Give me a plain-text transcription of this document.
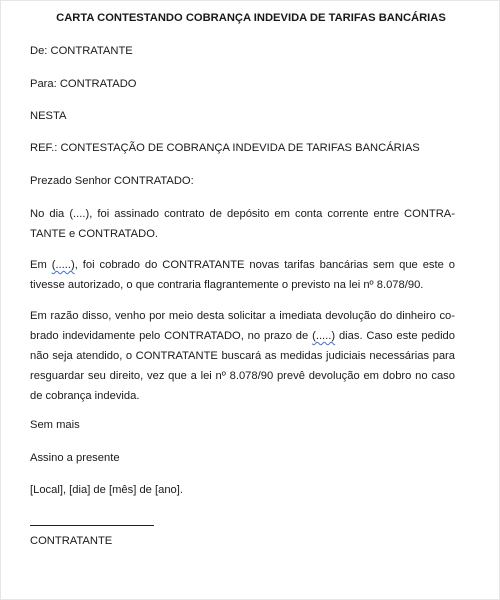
CARTA CONTESTANDO COBRANÇA INDEVIDA DE TARIFAS BANCÁRIAS
De: CONTRATANTE
Para: CONTRATADO
NESTA
REF.: CONTESTAÇÃO DE COBRANÇA INDEVIDA DE TARIFAS BANCÁRIAS
Prezado Senhor CONTRATADO:
No dia (....), foi assinado contrato de depósito em conta corrente entre CONTRA-
TANTE e CONTRATADO.
Em (.....), foi cobrado do CONTRATANTE novas tarifas bancárias sem que este o
tivesse autorizado, o que contraria flagrantemente o previsto na lei nº 8.078/90.
Em razão disso, venho por meio desta solicitar a imediata devolução do dinheiro co-
brado indevidamente pelo CONTRATADO, no prazo de (.....) dias. Caso este pedido
não seja atendido, o CONTRATANTE buscará as medidas judiciais necessárias para
resguardar seu direito, vez que a lei nº 8.078/90 prevê devolução em dobro no caso
de cobrança indevida.
Sem mais
Assino a presente
[Local], [dia] de [mês] de [ano].
CONTRATANTE
